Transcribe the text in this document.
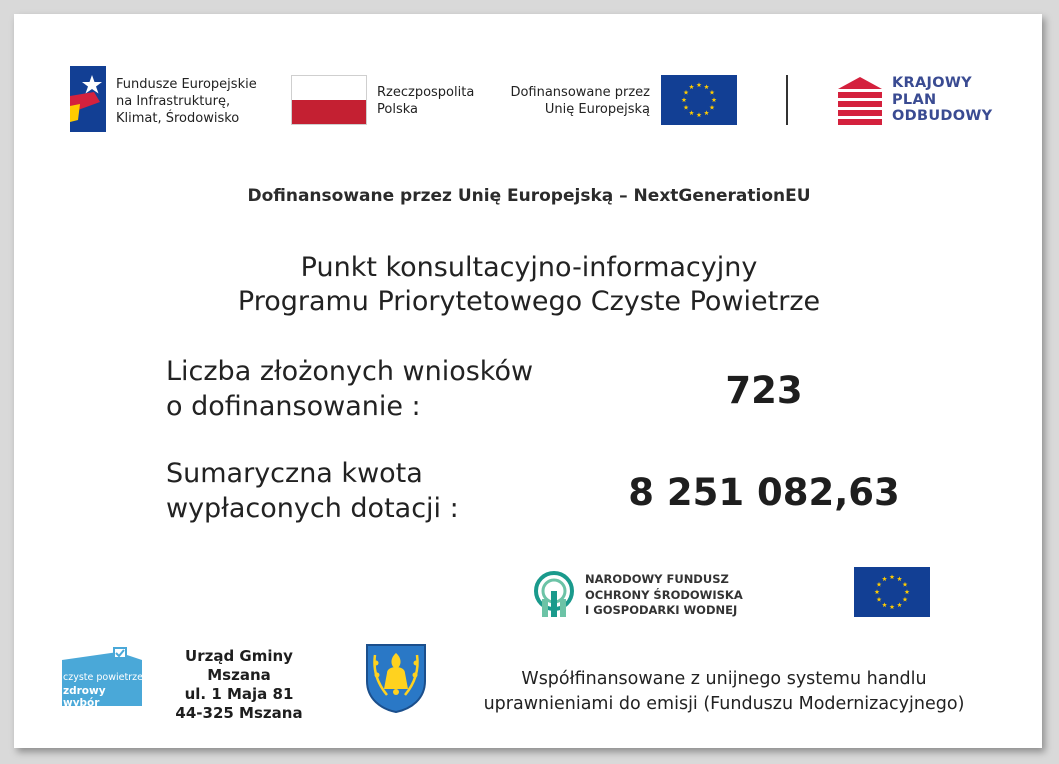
Fundusze Europejskie
na Infrastrukturę,
Klimat, Środowisko
Rzeczpospolita
Polska
Dofinansowane przez
Unię Europejską
KRAJOWY
PLAN
ODBUDOWY
Dofinansowane przez Unię Europejską – NextGenerationEU
Punkt konsultacyjno-informacyjny
Programu Priorytetowego Czyste Powietrze
Liczba złożonych wniosków
o dofinansowanie :	723
Sumaryczna kwota
wypłaconych dotacji :	8 251 082,63
NARODOWY FUNDUSZ
OCHRONY ŚRODOWISKA
I GOSPODARKI WODNEJ
czyste powietrze
zdrowy wybór
Urząd Gminy Mszana
ul. 1 Maja 81
44-325 Mszana
Współfinansowane z unijnego systemu handlu
uprawnieniami do emisji (Funduszu Modernizacyjnego)
